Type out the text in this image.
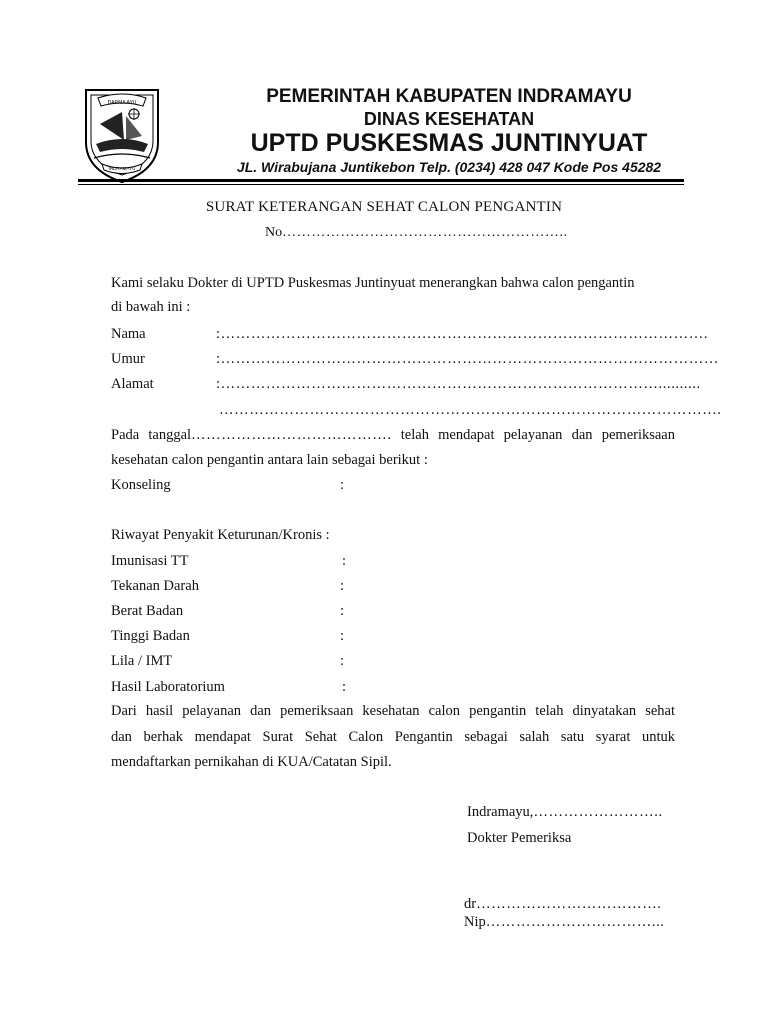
DARMA AYU
INDRAMAYU
PEMERINTAH KABUPATEN INDRAMAYU
DINAS KESEHATAN
UPTD PUSKESMAS JUNTINYUAT
JL. Wirabujana Juntikebon Telp. (0234) 428 047 Kode Pos 45282
SURAT KETERANGAN SEHAT CALON PENGANTIN
No…………………………………………………..
Kami selaku Dokter di UPTD Puskesmas Juntinyuat menerangkan bahwa calon pengantin
di bawah ini :
Nama	:…………………………………………………………………………………….
Umur	:………………………………………………………………………………………
Alamat	:……………………………………………………………………………..........
……………………………………………………………………………………….
Pada tanggal…………………………………. telah mendapat pelayanan dan pemeriksaan
kesehatan calon pengantin antara lain sebagai berikut :
Konseling	:
Riwayat Penyakit Keturunan/Kronis :
Imunisasi TT	:
Tekanan Darah	:
Berat Badan	:
Tinggi Badan	:
Lila / IMT	:
Hasil Laboratorium	:
Dari hasil pelayanan dan pemeriksaan kesehatan calon pengantin telah dinyatakan sehat
dan berhak mendapat Surat Sehat Calon Pengantin sebagai salah satu syarat untuk
mendaftarkan pernikahan di KUA/Catatan Sipil.
Indramayu,……………………..
Dokter Pemeriksa
dr……………………………….
Nip……………………………...
